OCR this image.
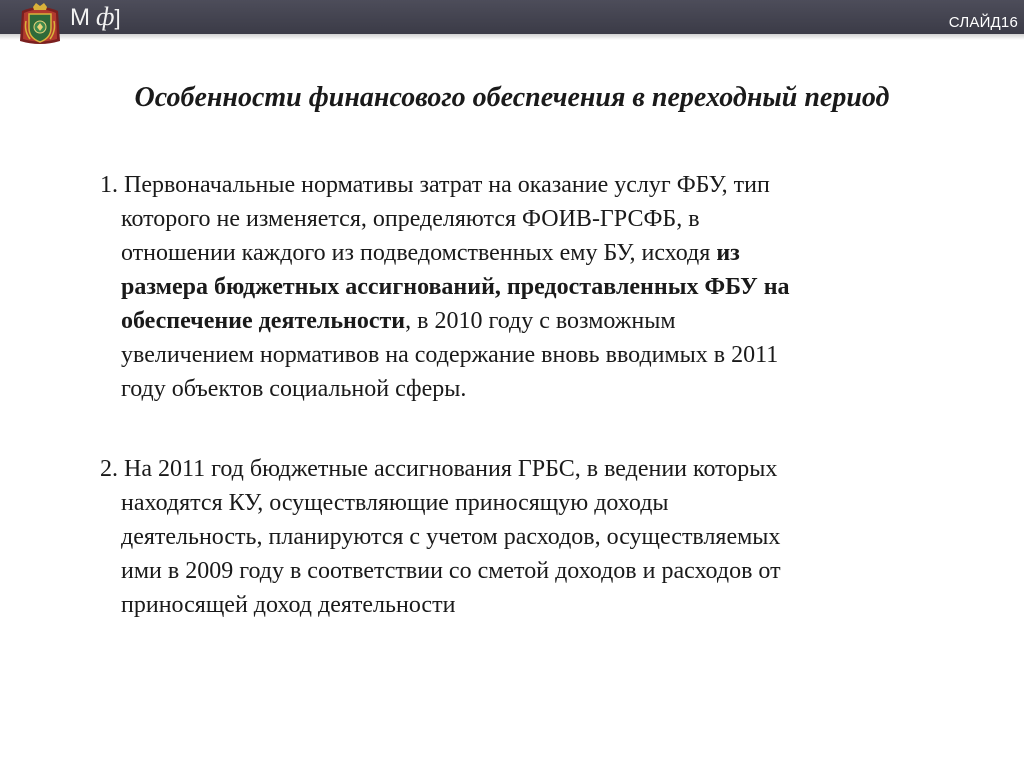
М ф]	СЛАЙД16
Особенности финансового обеспечения в переходный период
1. Первоначальные нормативы затрат на оказание услуг ФБУ, тип
которого не изменяется, определяются ФОИВ-ГРСФБ, в
отношении каждого из подведомственных ему БУ, исходя из
размера бюджетных ассигнований, предоставленных ФБУ на
обеспечение деятельности, в 2010 году с возможным
увеличением нормативов на содержание вновь вводимых в 2011
году объектов социальной сферы.
2. На 2011 год бюджетные ассигнования ГРБС, в ведении которых
находятся КУ, осуществляющие приносящую доходы
деятельность, планируются с учетом расходов, осуществляемых
ими в 2009 году в соответствии со сметой доходов и расходов от
приносящей доход деятельности
